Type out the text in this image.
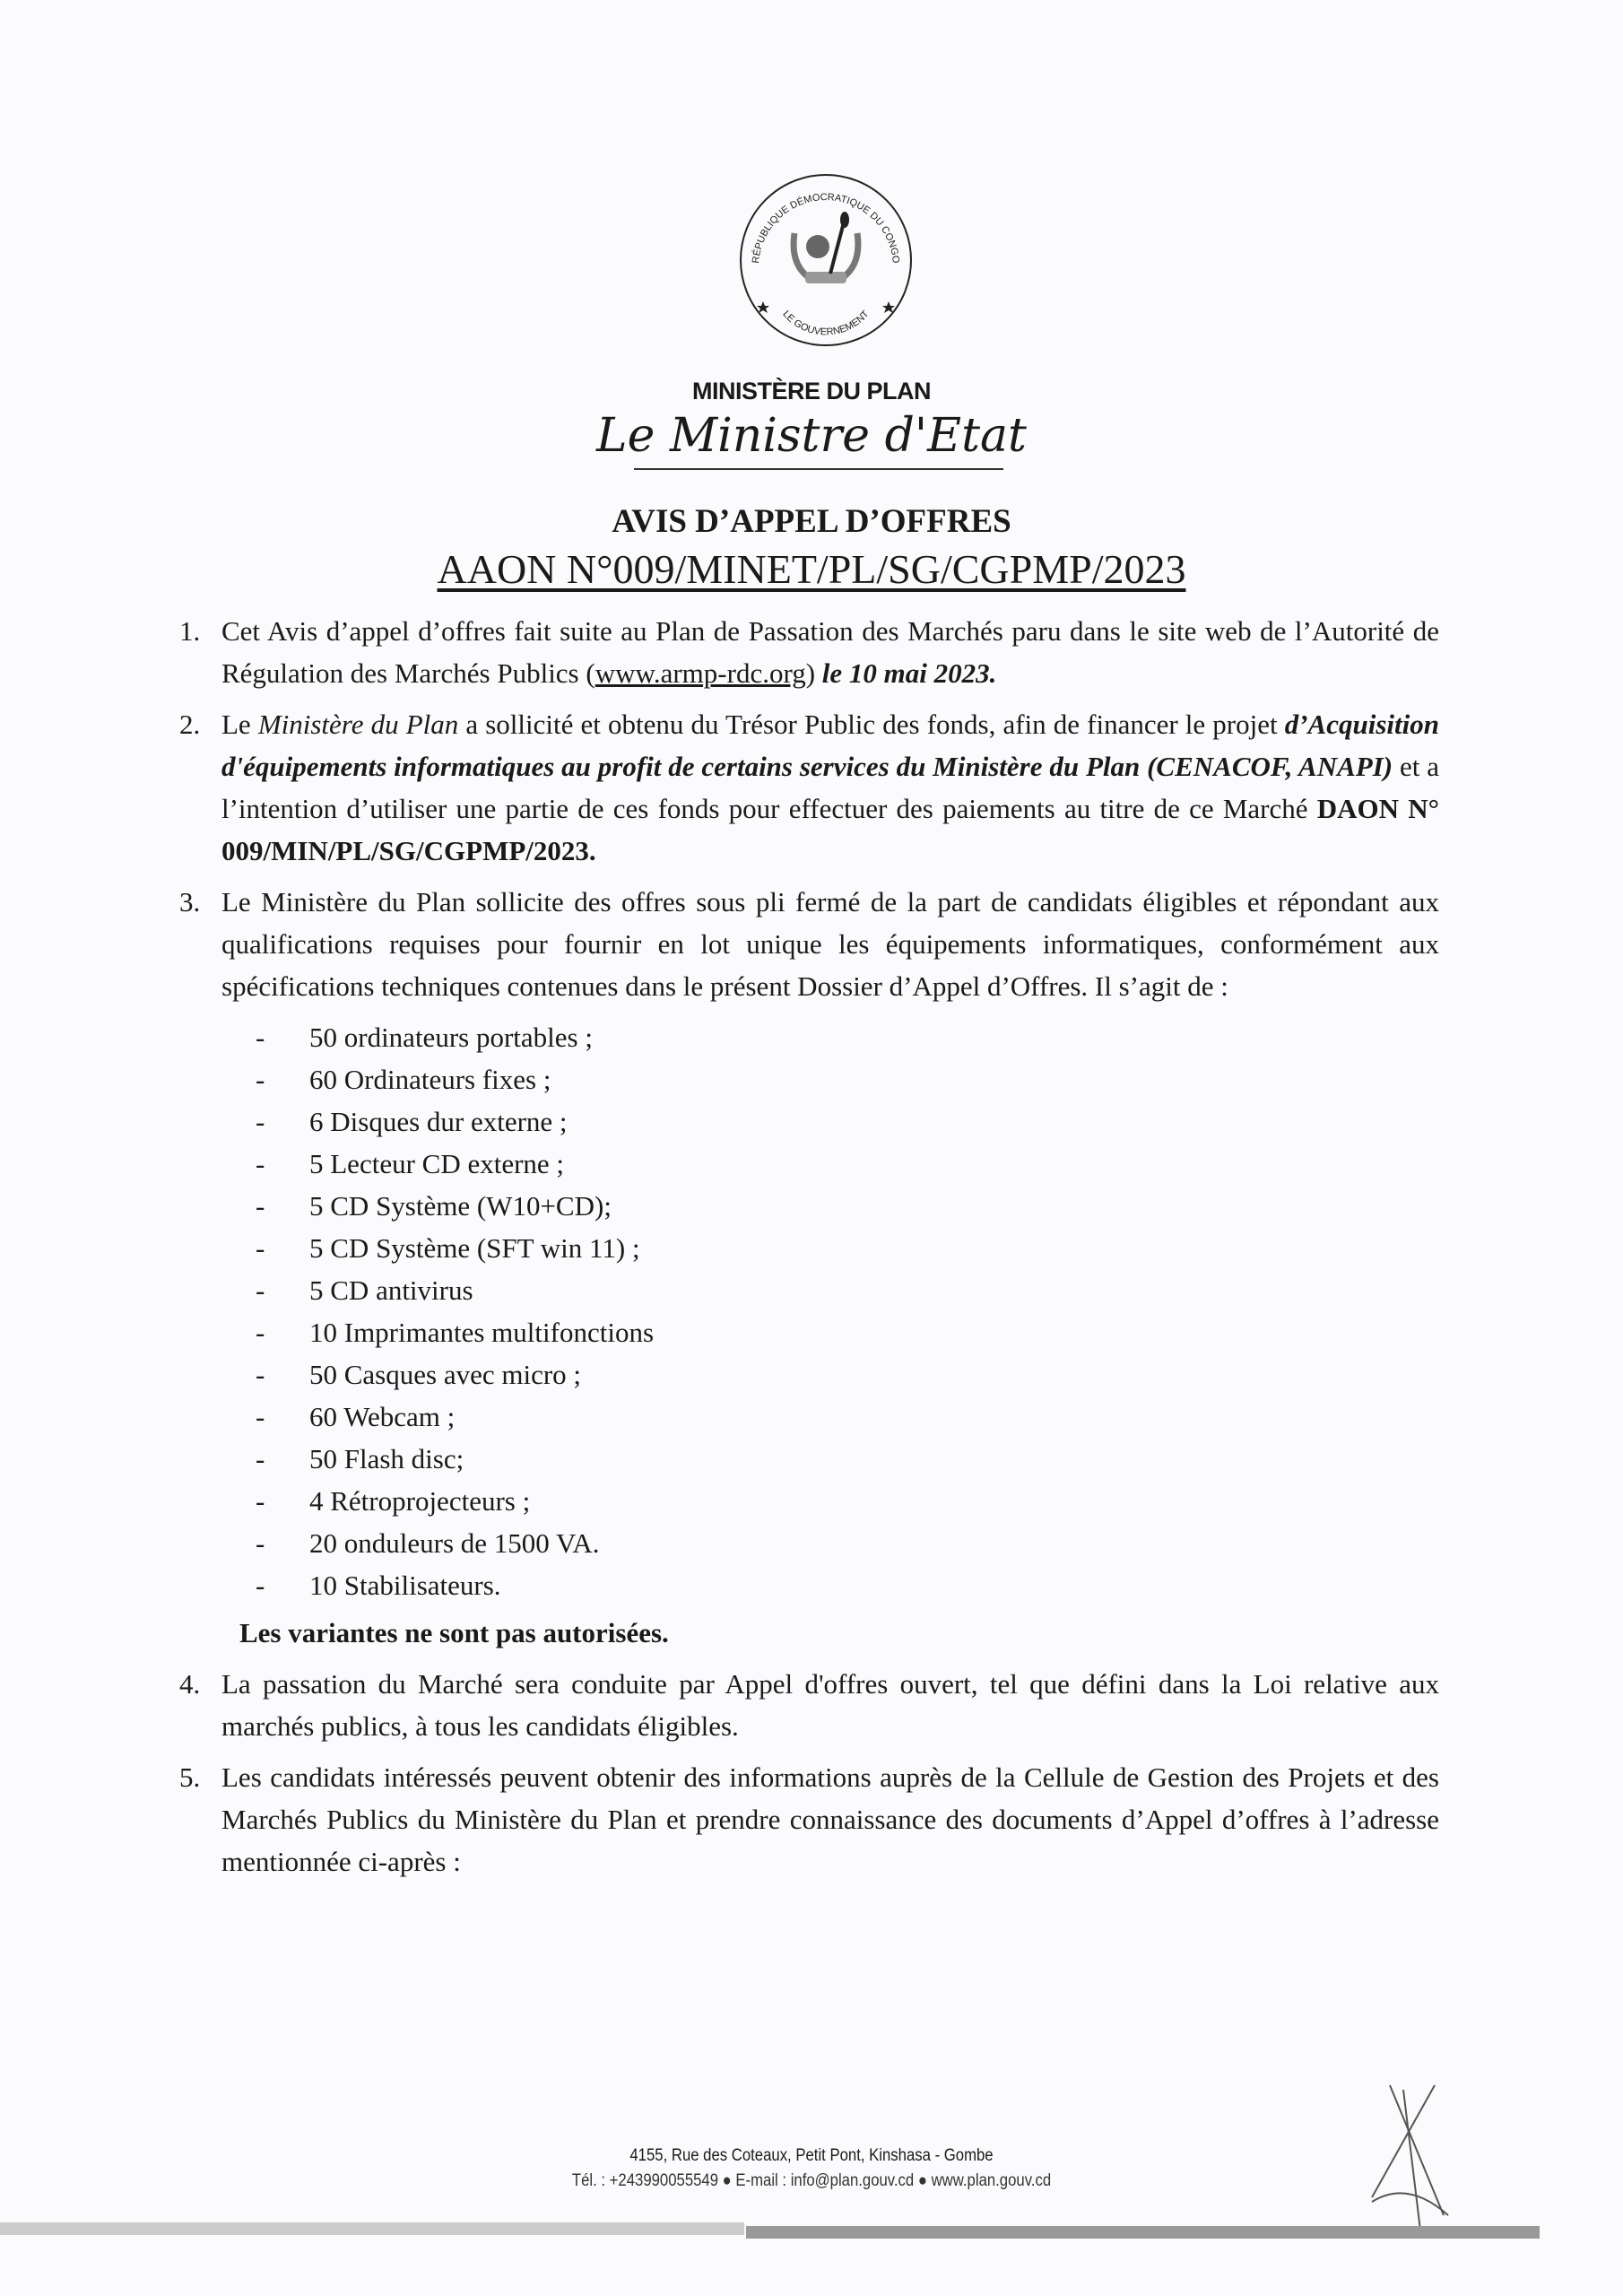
RÉPUBLIQUE DÉMOCRATIQUE DU CONGO
LE GOUVERNEMENT
MINISTÈRE DU PLAN
Le Ministre d'Etat
AVIS D’APPEL D’OFFRES
AAON N°009/MINET/PL/SG/CGPMP/2023
1. Cet Avis d’appel d’offres fait suite au Plan de Passation des Marchés paru dans le site web de l’Autorité de Régulation des Marchés Publics (www.armp-rdc.org) le 10 mai 2023.
2. Le Ministère du Plan a sollicité et obtenu du Trésor Public des fonds, afin de financer le projet d’Acquisition d'équipements informatiques au profit de certains services du Ministère du Plan (CENACOF, ANAPI) et a l’intention d’utiliser une partie de ces fonds pour effectuer des paiements au titre de ce Marché DAON N° 009/MIN/PL/SG/CGPMP/2023.
3. Le Ministère du Plan sollicite des offres sous pli fermé de la part de candidats éligibles et répondant aux qualifications requises pour fournir en lot unique les équipements informatiques, conformément aux spécifications techniques contenues dans le présent Dossier d’Appel d’Offres. Il s’agit de :
- 50 ordinateurs portables ;
- 60 Ordinateurs fixes ;
- 6 Disques dur externe ;
- 5 Lecteur CD externe ;
- 5 CD Système (W10+CD);
- 5 CD Système (SFT win 11) ;
- 5 CD antivirus
- 10 Imprimantes multifonctions
- 50 Casques avec micro ;
- 60 Webcam ;
- 50 Flash disc;
- 4 Rétroprojecteurs ;
- 20 onduleurs de 1500 VA.
- 10 Stabilisateurs.
Les variantes ne sont pas autorisées.
4. La passation du Marché sera conduite par Appel d'offres ouvert, tel que défini dans la Loi relative aux marchés publics, à tous les candidats éligibles.
5. Les candidats intéressés peuvent obtenir des informations auprès de la Cellule de Gestion des Projets et des Marchés Publics du Ministère du Plan et prendre connaissance des documents d’Appel d’offres à l’adresse mentionnée ci-après :
4155, Rue des Coteaux, Petit Pont, Kinshasa - Gombe
Tél. : +243990055549 ● E-mail : info@plan.gouv.cd ● www.plan.gouv.cd
